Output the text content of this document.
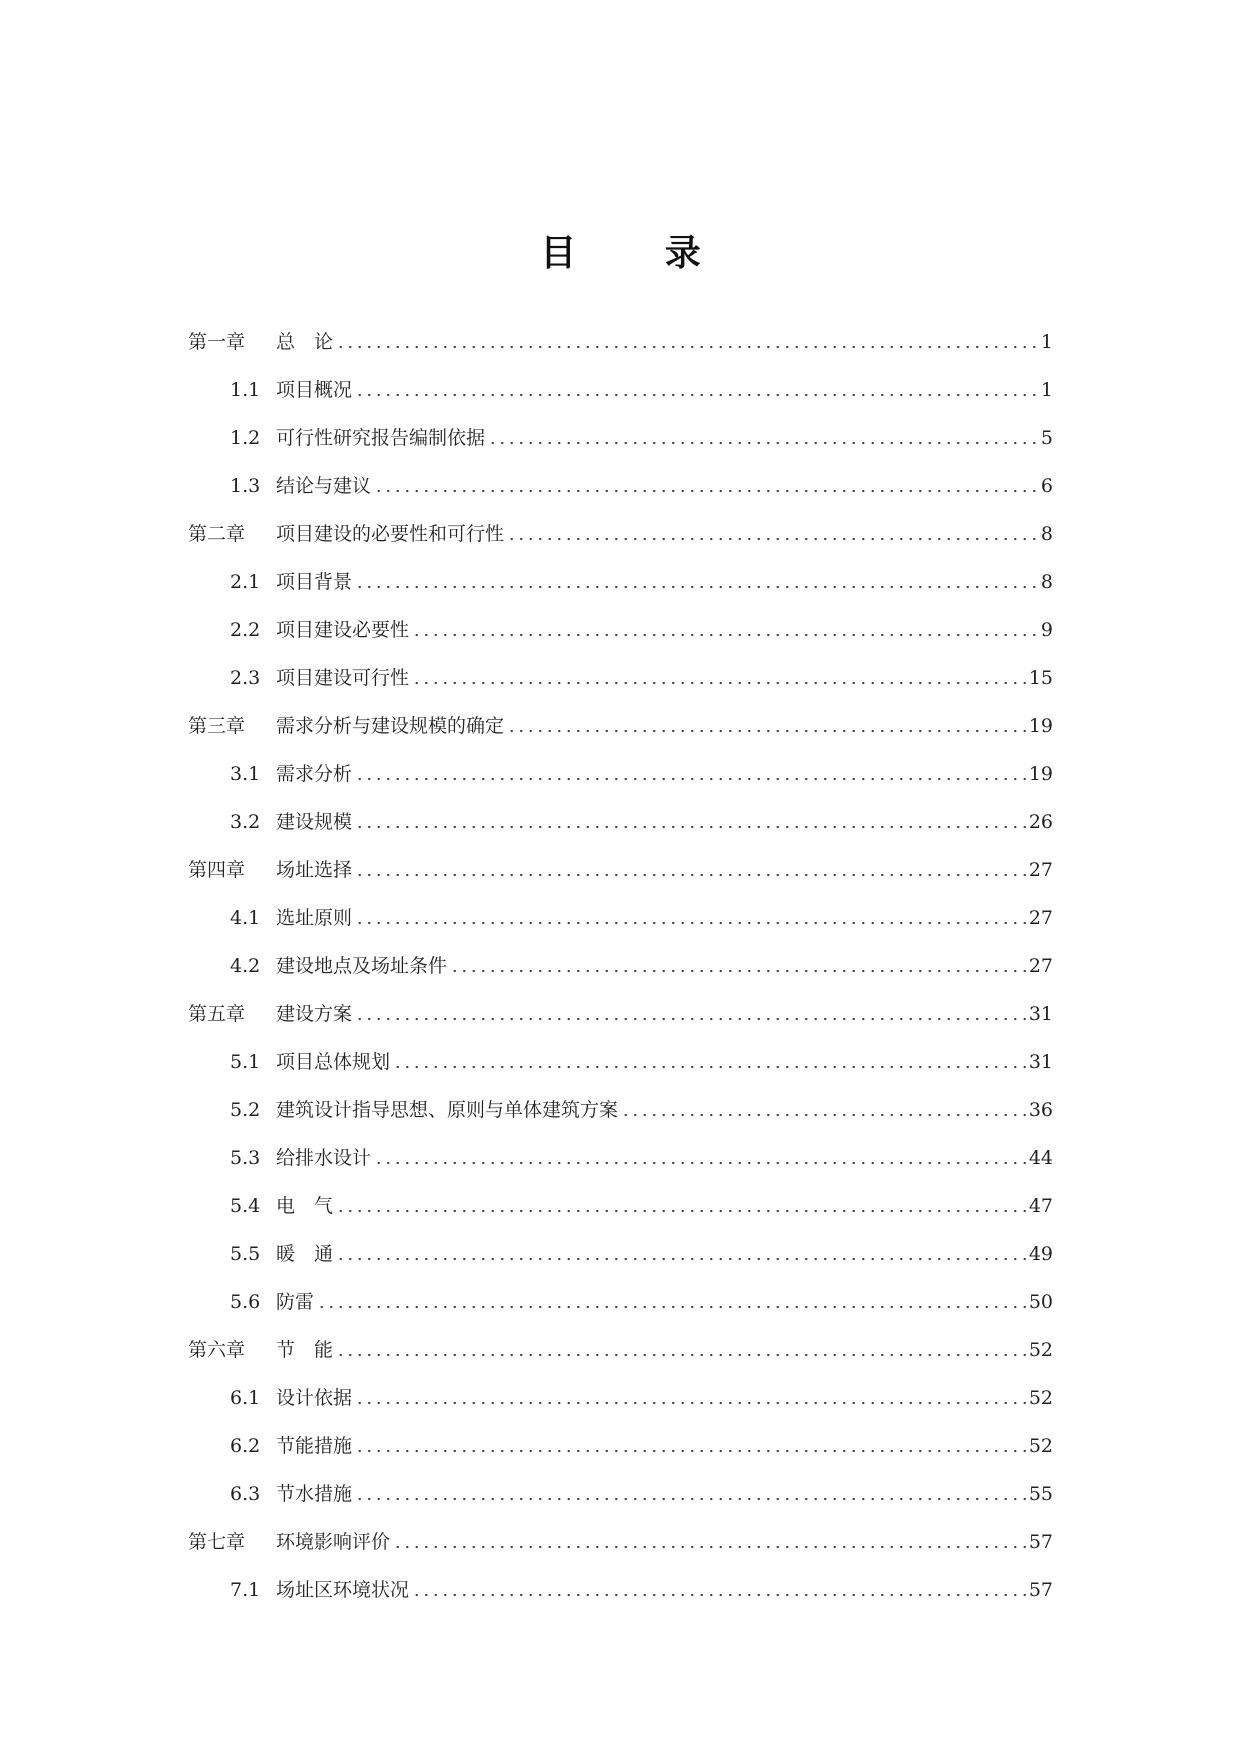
目 录
第一章	总　论	1
1.1 项目概况	1
1.2 可行性研究报告编制依据	5
1.3 结论与建议	6
第二章	项目建设的必要性和可行性	8
2.1 项目背景	8
2.2 项目建设必要性	9
2.3 项目建设可行性	15
第三章	需求分析与建设规模的确定	19
3.1 需求分析	19
3.2 建设规模	26
第四章	场址选择	27
4.1 选址原则	27
4.2 建设地点及场址条件	27
第五章	建设方案	31
5.1 项目总体规划	31
5.2 建筑设计指导思想、原则与单体建筑方案	36
5.3 给排水设计	44
5.4 电　气	47
5.5 暖　通	49
5.6 防雷	50
第六章	节　能	52
6.1 设计依据	52
6.2 节能措施	52
6.3 节水措施	55
第七章	环境影响评价	57
7.1 场址区环境状况	57
